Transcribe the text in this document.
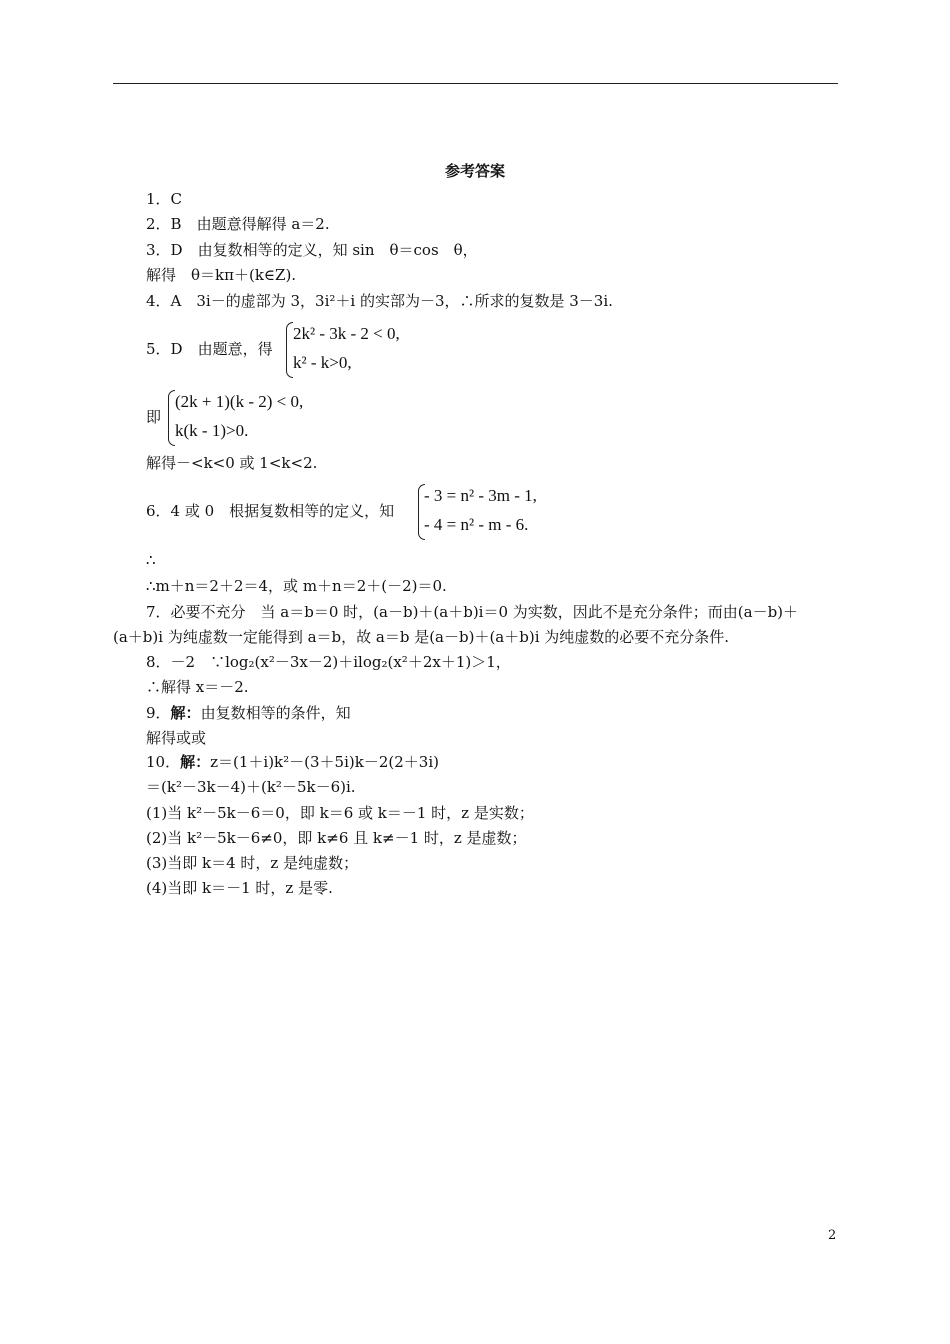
参考答案
1．C
2．B　由题意得解得 a＝2.
3．D　由复数相等的定义，知 sin　θ＝cos　θ，
解得　θ＝kπ＋(k∈Z).
4．A　3i－的虚部为 3，3i²＋i 的实部为－3，∴所求的复数是 3－3i.
5．D　由题意，得
2k² - 3k - 2 < 0,
k² - k>0,
即
(2k + 1)(k - 2) < 0,
k(k - 1)>0.
解得－<k<0 或 1<k<2.
6．4 或 0　根据复数相等的定义，知
- 3 = n² - 3m - 1,
- 4 = n² - m - 6.
∴
∴m＋n＝2＋2＝4，或 m＋n＝2＋(－2)＝0.
7．必要不充分　当 a＝b＝0 时，(a－b)＋(a＋b)i＝0 为实数，因此不是充分条件；而由(a－b)＋
(a＋b)i 为纯虚数一定能得到 a＝b，故 a＝b 是(a－b)＋(a＋b)i 为纯虚数的必要不充分条件.
8．－2　∵log₂(x²－3x－2)＋ilog₂(x²＋2x＋1)＞1，
∴解得 x＝－2.
9．解：由复数相等的条件，知
解得或或
10．解：z＝(1＋i)k²－(3＋5i)k－2(2＋3i)
＝(k²－3k－4)＋(k²－5k－6)i.
(1)当 k²－5k－6＝0，即 k＝6 或 k＝－1 时，z 是实数；
(2)当 k²－5k－6≠0，即 k≠6 且 k≠－1 时，z 是虚数；
(3)当即 k＝4 时，z 是纯虚数；
(4)当即 k＝－1 时，z 是零.
2
